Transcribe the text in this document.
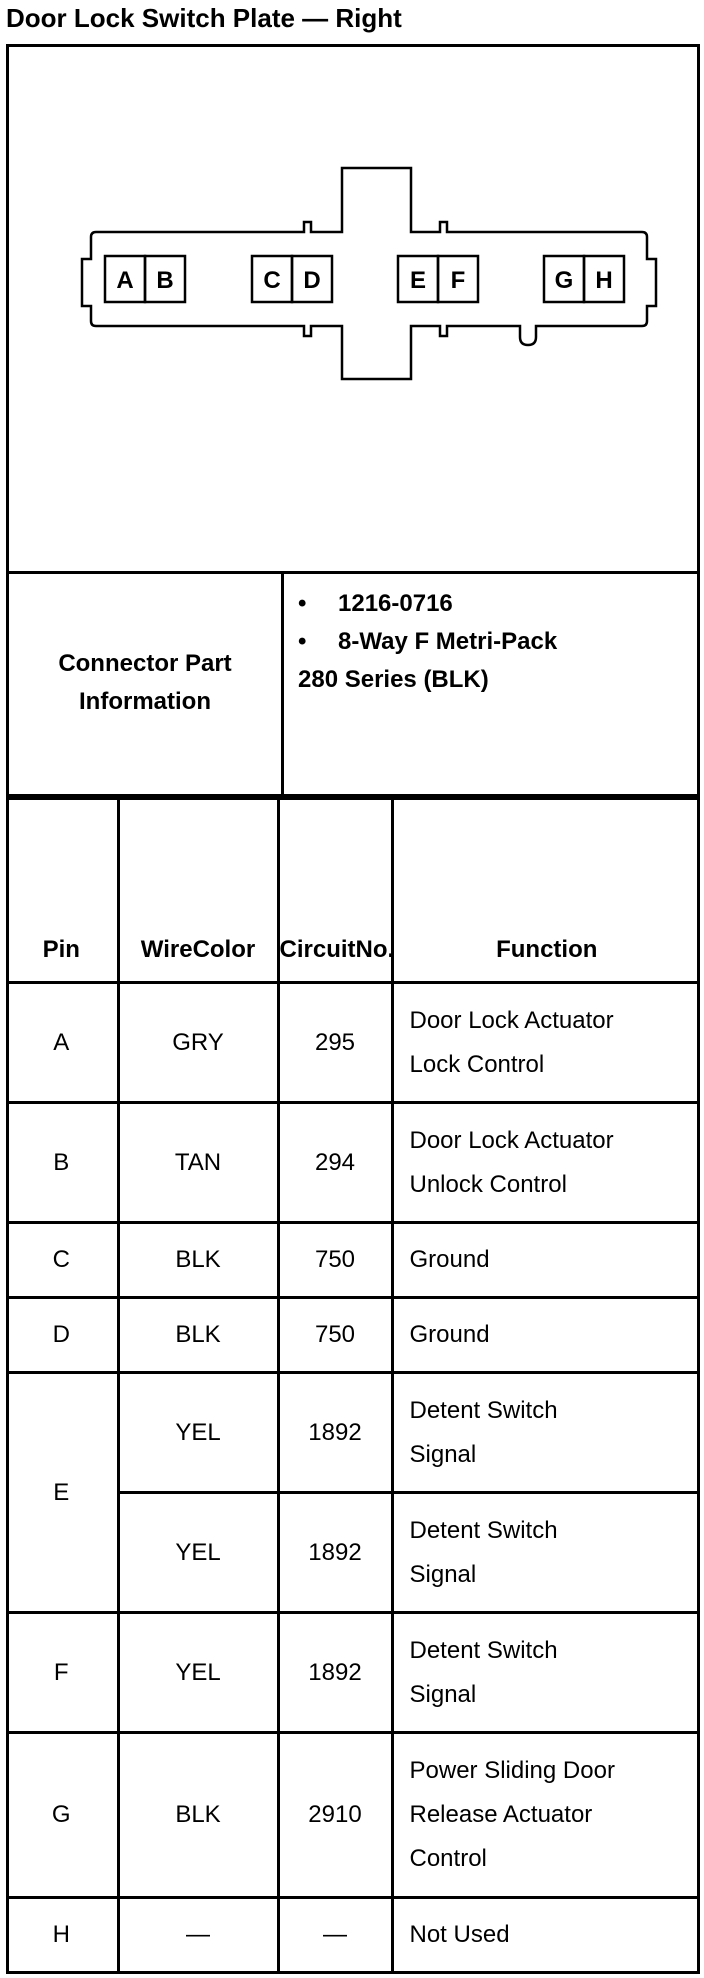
Door Lock Switch Plate — Right
A B	C D	E F	G H
Connector Part Information
• 1216-0716
• 8-Way F Metri-Pack
280 Series (BLK)
Pin	WireColor	CircuitNo.	Function
A	GRY	295	Door Lock Actuator
Lock Control

B	TAN	294	Door Lock Actuator
Unlock Control

C	BLK	750	Ground

D	BLK	750	Ground

E	YEL	1892	Detent Switch
Signal

	YEL	1892	Detent Switch
Signal

F	YEL	1892	Detent Switch
Signal

G	BLK	2910	Power Sliding Door
Release Actuator
Control

H	—	—	Not Used
